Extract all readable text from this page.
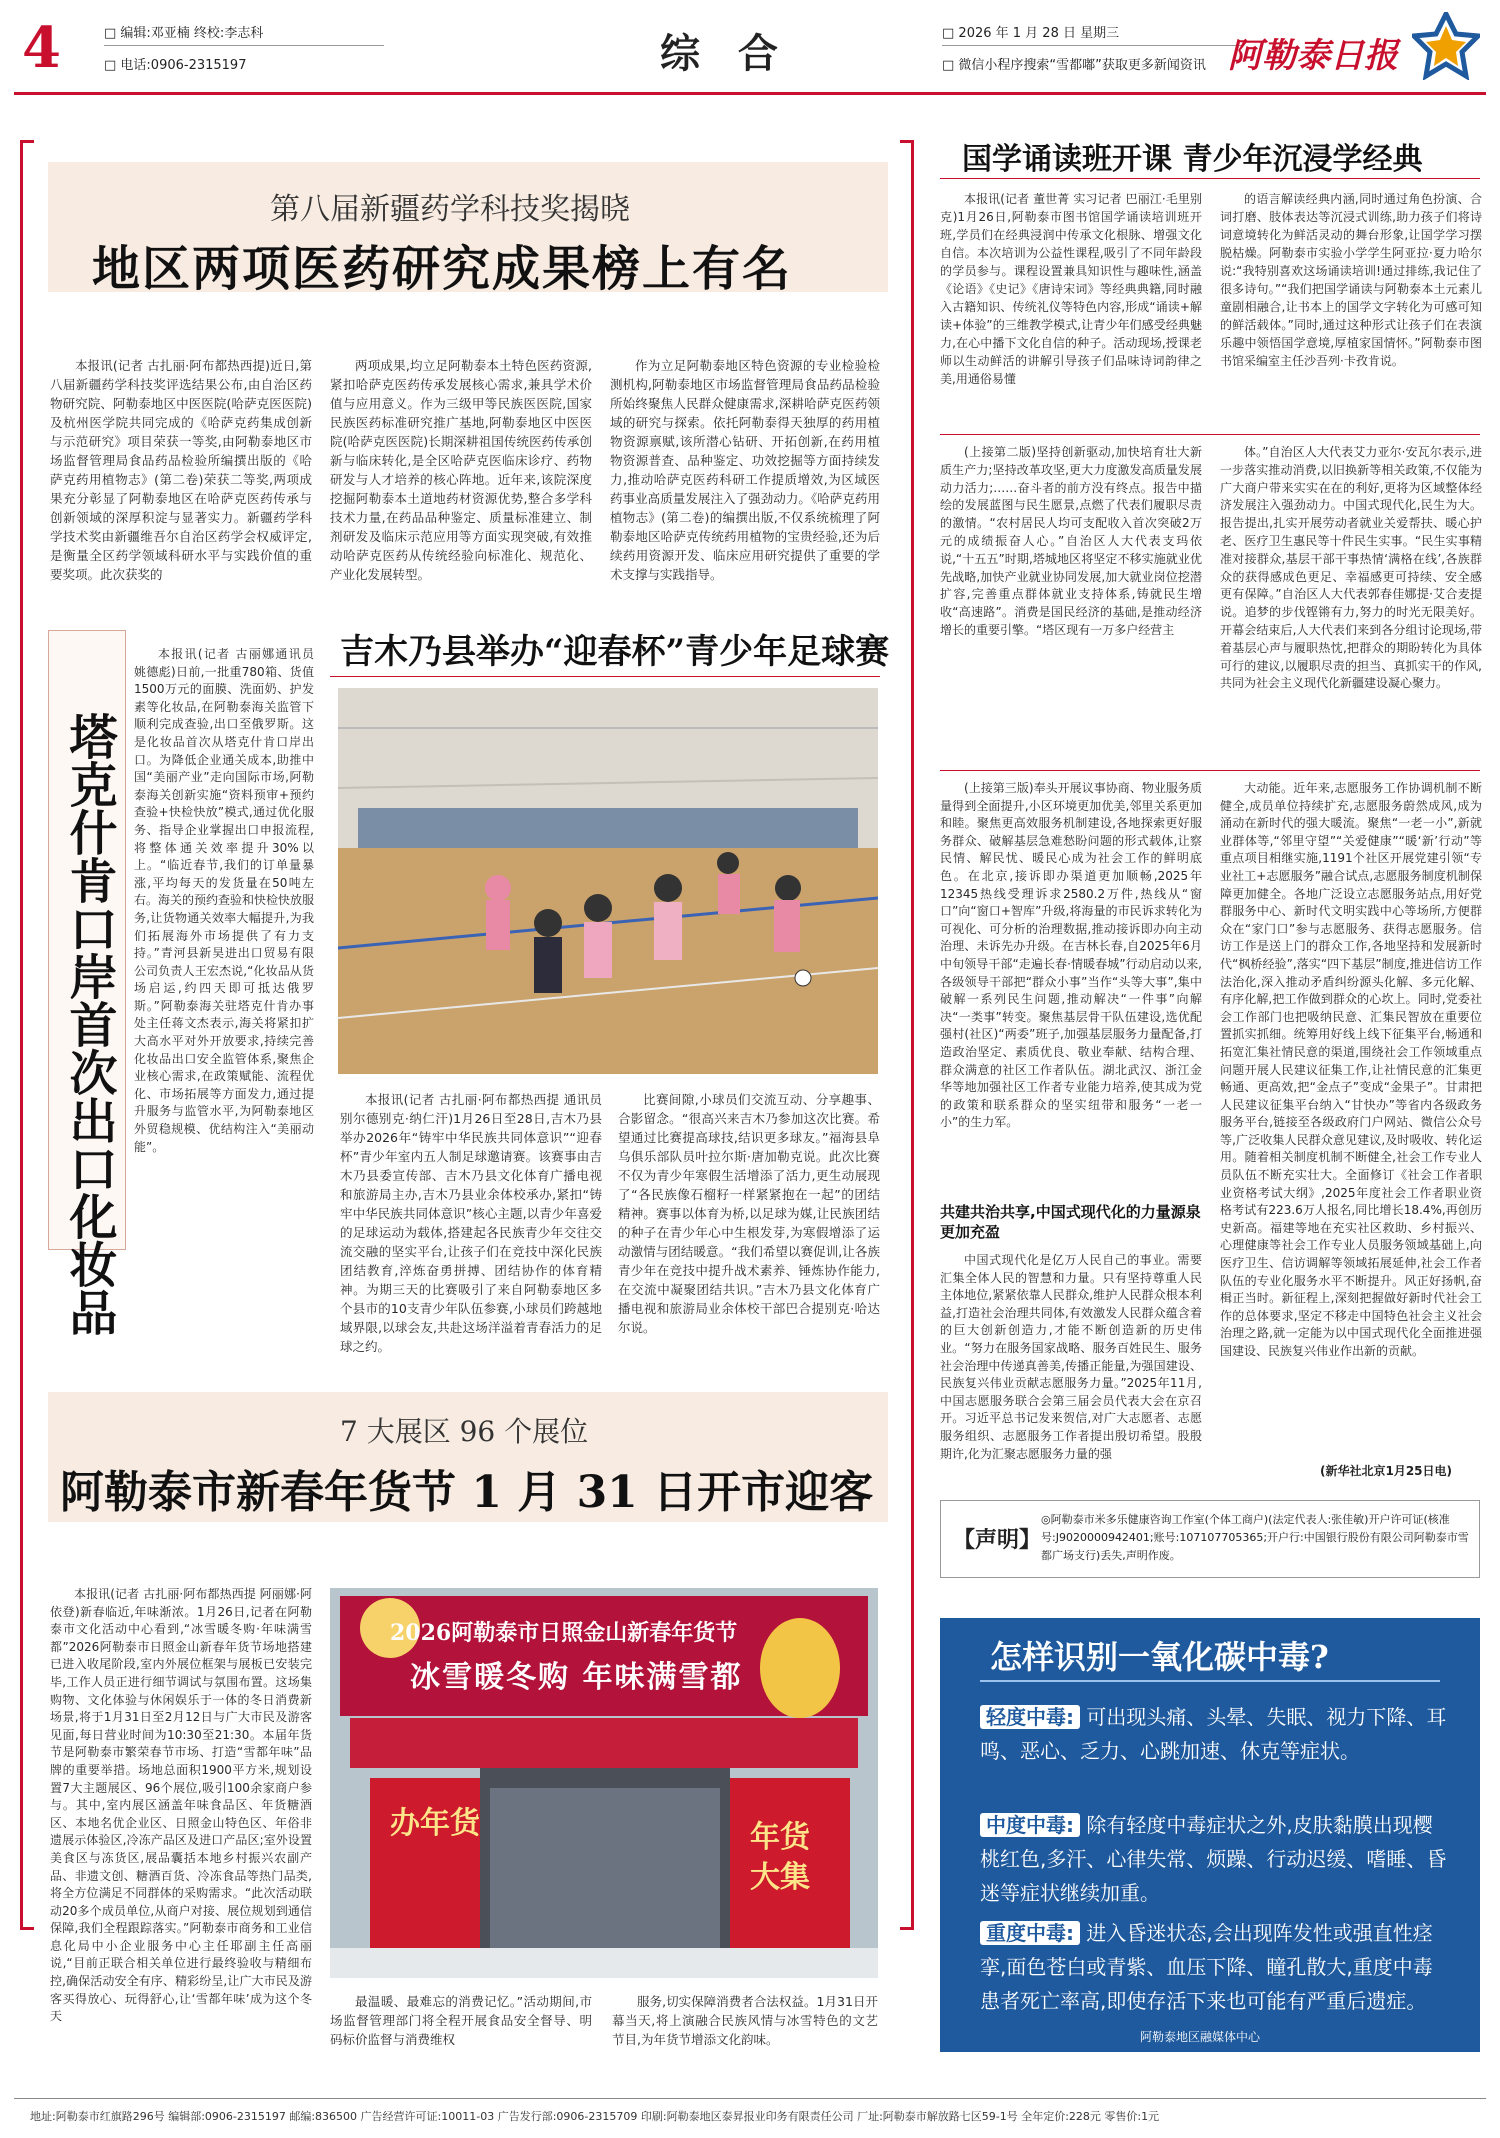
4	□ 编辑:邓亚楠 终校:李志科
□ 电话:0906-2315197	综 合	□ 2026 年 1 月 28 日 星期三
□ 微信小程序搜索“雪都嘟”获取更多新闻资讯 阿勒泰日报
第八届新疆药学科技奖揭晓
地区两项医药研究成果榜上有名

本报讯(记者 古扎丽·阿布都热西提)近日,第八届新疆药学科技奖评选结果公布,由自治区药物研究院、阿勒泰地区中医医院(哈萨克医医院)及杭州医学院共同完成的《哈萨克药集成创新与示范研究》项目荣获一等奖,由阿勒泰地区市场监督管理局食品药品检验所编撰出版的《哈萨克药用植物志》(第二卷)荣获二等奖,两项成果充分彰显了阿勒泰地区在哈萨克医药传承与创新领域的深厚积淀与显著实力。新疆药学科学技术奖由新疆维吾尔自治区药学会权威评定,是衡量全区药学领域科研水平与实践价值的重要奖项。此次获奖的

两项成果,均立足阿勒泰本土特色医药资源,紧扣哈萨克医药传承发展核心需求,兼具学术价值与应用意义。作为三级甲等民族医医院,国家民族医药标准研究推广基地,阿勒泰地区中医医院(哈萨克医医院)长期深耕祖国传统医药传承创新与临床转化,是全区哈萨克医临床诊疗、药物研发与人才培养的核心阵地。近年来,该院深度挖掘阿勒泰本土道地药材资源优势,整合多学科技术力量,在药品品种鉴定、质量标准建立、制剂研发及临床示范应用等方面实现突破,有效推动哈萨克医药从传统经验向标准化、规范化、产业化发展转型。

作为立足阿勒泰地区特色资源的专业检验检测机构,阿勒泰地区市场监督管理局食品药品检验所始终聚焦人民群众健康需求,深耕哈萨克医药领域的研究与探索。依托阿勒泰得天独厚的药用植物资源禀赋,该所潜心钻研、开拓创新,在药用植物资源普查、品种鉴定、功效挖掘等方面持续发力,推动哈萨克医药科研工作提质增效,为区域医药事业高质量发展注入了强劲动力。《哈萨克药用植物志》(第二卷)的编撰出版,不仅系统梳理了阿勒泰地区哈萨克传统药用植物的宝贵经验,还为后续药用资源开发、临床应用研究提供了重要的学术支撑与实践指导。

塔克什肯口岸首次出口化妆品

本报讯(记者 古丽娜通讯员 姚德彪)日前,一批重780箱、货值1500万元的面膜、洗面奶、护发素等化妆品,在阿勒泰海关监管下顺利完成查验,出口至俄罗斯。这是化妆品首次从塔克什肯口岸出口。为降低企业通关成本,助推中国“美丽产业”走向国际市场,阿勒泰海关创新实施“资料预审+预约查验+快检快放”模式,通过优化服务、指导企业掌握出口申报流程,将整体通关效率提升30%以上。“临近春节,我们的订单量暴涨,平均每天的发货量在50吨左右。海关的预约查验和快检快放服务,让货物通关效率大幅提升,为我们拓展海外市场提供了有力支持。”青河县新昊进出口贸易有限公司负责人王宏杰说,“化妆品从货场启运,约四天即可抵达俄罗斯。”阿勒泰海关驻塔克什肯办事处主任蒋文杰表示,海关将紧扣扩大高水平对外开放要求,持续完善化妆品出口安全监管体系,聚焦企业核心需求,在政策赋能、流程优化、市场拓展等方面发力,通过提升服务与监管水平,为阿勒泰地区外贸稳规模、优结构注入“美丽动能”。

吉木乃县举办“迎春杯”青少年足球赛

本报讯(记者 古扎丽·阿布都热西提 通讯员 别尔德别克·纳仁汗)1月26日至28日,吉木乃县举办2026年“铸牢中华民族共同体意识”“迎春杯”青少年室内五人制足球邀请赛。该赛事由吉木乃县委宣传部、吉木乃县文化体育广播电视和旅游局主办,吉木乃县业余体校承办,紧扣“铸牢中华民族共同体意识”核心主题,以青少年喜爱的足球运动为载体,搭建起各民族青少年交往交流交融的坚实平台,让孩子们在竞技中深化民族团结教育,淬炼奋勇拼搏、团结协作的体育精神。为期三天的比赛吸引了来自阿勒泰地区多个县市的10支青少年队伍参赛,小球员们跨越地域界限,以球会友,共赴这场洋溢着青春活力的足球之约。

比赛间隙,小球员们交流互动、分享趣事、合影留念。“很高兴来吉木乃参加这次比赛。希望通过比赛提高球技,结识更多球友。”福海县阜乌俱乐部队员叶拉尔斯·唐加勒克说。此次比赛不仅为青少年寒假生活增添了活力,更生动展现了“各民族像石榴籽一样紧紧抱在一起”的团结精神。赛事以体育为桥,以足球为媒,让民族团结的种子在青少年心中生根发芽,为寒假增添了运动激情与团结暖意。“我们希望以赛促训,让各族青少年在竞技中提升战术素养、锤炼协作能力,在交流中凝聚团结共识。”吉木乃县文化体育广播电视和旅游局业余体校干部巴合提别克·哈达尔说。

7 大展区 96 个展位
阿勒泰市新春年货节 1 月 31 日开市迎客

本报讯(记者 古扎丽·阿布都热西提 阿丽娜·阿依登)新春临近,年味渐浓。1月26日,记者在阿勒泰市文化活动中心看到,“冰雪暖冬购·年味满雪都”2026阿勒泰市日照金山新春年货节场地搭建已进入收尾阶段,室内外展位框架与展板已安装完毕,工作人员正进行细节调试与氛围布置。这场集购物、文化体验与休闲娱乐于一体的冬日消费新场景,将于1月31日至2月12日与广大市民及游客见面,每日营业时间为10:30至21:30。本届年货节是阿勒泰市繁荣春节市场、打造“雪都年味”品牌的重要举措。场地总面积1900平方米,规划设置7大主题展区、96个展位,吸引100余家商户参与。其中,室内展区涵盖年味食品区、年货糖酒区、本地名优企业区、日照金山特色区、年俗非遗展示体验区,冷冻产品区及进口产品区;室外设置美食区与冻货区,展品囊括本地乡村振兴农副产品、非遗文创、糖酒百货、冷冻食品等热门品类,将全方位满足不同群体的采购需求。“此次活动联动20多个成员单位,从商户对接、展位规划到通信保障,我们全程跟踪落实。”阿勒泰市商务和工业信息化局中小企业服务中心主任耶副主任高丽说,“目前正联合相关单位进行最终验收与精细布控,确保活动安全有序、精彩纷呈,让广大市民及游客买得放心、玩得舒心,让‘雪都年味’成为这个冬天

2026阿勒泰市日照金山新春年货节
冰雪暖冬购 年味满雪都
办年货	年货大集

最温暖、最难忘的消费记忆。”活动期间,市场监督管理部门将全程开展食品安全督导、明码标价监督与消费维权

服务,切实保障消费者合法权益。1月31日开幕当天,将上演融合民族风情与冰雪特色的文艺节目,为年货节增添文化韵味。

国学诵读班开课 青少年沉浸学经典

本报讯(记者 董世菁 实习记者 巴丽江·毛里别克)1月26日,阿勒泰市图书馆国学诵读培训班开班,学员们在经典浸润中传承文化根脉、增强文化自信。本次培训为公益性课程,吸引了不同年龄段的学员参与。课程设置兼具知识性与趣味性,涵盖《论语》《史记》《唐诗宋词》等经典典籍,同时融入古籍知识、传统礼仪等特色内容,形成“诵读+解读+体验”的三维教学模式,让青少年们感受经典魅力,在心中播下文化自信的种子。活动现场,授课老师以生动鲜活的讲解引导孩子们品味诗词韵律之美,用通俗易懂

的语言解读经典内涵,同时通过角色扮演、合词打磨、肢体表达等沉浸式训练,助力孩子们将诗词意境转化为鲜活灵动的舞台形象,让国学学习摆脱枯燥。阿勒泰市实验小学学生阿亚拉·夏力哈尔说:“我特别喜欢这场诵读培训!通过排练,我记住了很多诗句。”“我们把国学诵读与阿勒泰本土元素儿童剧相融合,让书本上的国学文字转化为可感可知的鲜活载体。”同时,通过这种形式让孩子们在表演乐趣中领悟国学意境,厚植家国情怀。”阿勒泰市图书馆采编室主任沙吾列·卡孜肯说。

(上接第二版)坚持创新驱动,加快培育壮大新质生产力;坚持改革攻坚,更大力度激发高质量发展动力活力;……奋斗者的前方没有终点。报告中描绘的发展蓝图与民生愿景,点燃了代表们履职尽责的激情。“农村居民人均可支配收入首次突破2万元的成绩振奋人心。”自治区人大代表支玛依说,“十五五”时期,塔城地区将坚定不移实施就业优先战略,加快产业就业协同发展,加大就业岗位挖潜扩容,完善重点群体就业支持体系,铸就民生增收“高速路”。消费是国民经济的基础,是推动经济增长的重要引擎。“塔区现有一万多户经营主

体。”自治区人大代表艾力亚尔·安瓦尔表示,进一步落实推动消费,以旧换新等相关政策,不仅能为广大商户带来实实在在的利好,更将为区域整体经济发展注入强劲动力。中国式现代化,民生为大。报告提出,扎实开展劳动者就业关爱帮扶、暖心护老、医疗卫生惠民等十件民生实事。“民生实事精准对接群众,基层干部干事热情‘满格在线’,各族群众的获得感成色更足、幸福感更可持续、安全感更有保障。”自治区人大代表郭春佳娜提·艾合麦提说。追梦的步伐铿锵有力,努力的时光无限美好。开幕会结束后,人大代表们来到各分组讨论现场,带着基层心声与履职热忱,把群众的期盼转化为具体可行的建议,以履职尽责的担当、真抓实干的作风,共同为社会主义现代化新疆建设凝心聚力。

(上接第三版)奉头开展议事协商、物业服务质量得到全面提升,小区环境更加优美,邻里关系更加和睦。聚焦更高效服务机制建设,各地探索更好服务群众、破解基层急难愁盼问题的形式载体,让察民情、解民忧、暖民心成为社会工作的鲜明底色。在北京,接诉即办渠道更加顺畅,2025年12345热线受理诉求2580.2万件,热线从“窗口”向“窗口+智库”升级,将海量的市民诉求转化为可视化、可分析的治理数据,推动接诉即办向主动治理、未诉先办升级。在吉林长春,自2025年6月中旬领导干部“走遍长春·情暖春城”行动启动以来,各级领导干部把“群众小事”当作“头等大事”,集中破解一系列民生问题,推动解决“一件事”向解决“一类事”转变。聚焦基层骨干队伍建设,选优配强村(社区)“两委”班子,加强基层服务力量配备,打造政治坚定、素质优良、敬业奉献、结构合理、群众满意的社区工作者队伍。湖北武汉、浙江金华等地加强社区工作者专业能力培养,使其成为党的政策和联系群众的坚实纽带和服务“一老一小”的生力军。

共建共治共享,中国式现代化的力量源泉更加充盈

中国式现代化是亿万人民自己的事业。需要汇集全体人民的智慧和力量。只有坚持尊重人民主体地位,紧紧依靠人民群众,维护人民群众根本利益,打造社会治理共同体,有效激发人民群众蕴含着的巨大创新创造力,才能不断创造新的历史伟业。“努力在服务国家战略、服务百姓民生、服务社会治理中传递真善美,传播正能量,为强国建设、民族复兴伟业贡献志愿服务力量。”2025年11月,中国志愿服务联合会第三届会员代表大会在京召开。习近平总书记发来贺信,对广大志愿者、志愿服务组织、志愿服务工作者提出殷切希望。股殷期许,化为汇聚志愿服务力量的强

大动能。近年来,志愿服务工作协调机制不断健全,成员单位持续扩充,志愿服务蔚然成风,成为涌动在新时代的强大暖流。聚焦“一老一小”,新就业群体等,“邻里守望”“关爱健康”“暖‘新’行动”等重点项目相继实施,1191个社区开展党建引领“专业社工+志愿服务”融合试点,志愿服务制度机制保障更加健全。各地广泛设立志愿服务站点,用好党群服务中心、新时代文明实践中心等场所,方便群众在“家门口”参与志愿服务、获得志愿服务。信访工作是送上门的群众工作,各地坚持和发展新时代“枫桥经验”,落实“四下基层”制度,推进信访工作法治化,深入推动矛盾纠纷源头化解、多元化解、有序化解,把工作做到群众的心坎上。同时,党委社会工作部门也把吸纳民意、汇集民智放在重要位置抓实抓细。统筹用好线上线下征集平台,畅通和拓宽汇集社情民意的渠道,围绕社会工作领域重点问题开展人民建议征集工作,让社情民意的汇集更畅通、更高效,把“金点子”变成“金果子”。甘肃把人民建议征集平台纳入“甘快办”等省内各级政务服务平台,链接至各级政府门户网站、微信公众号等,广泛收集人民群众意见建议,及时吸收、转化运用。随着相关制度机制不断健全,社会工作专业人员队伍不断充实壮大。全面修订《社会工作者职业资格考试大纲》,2025年度社会工作者职业资格考试有223.6万人报名,同比增长18.4%,再创历史新高。福建等地在充实社区救助、乡村振兴、心理健康等社会工作专业人员服务领域基础上,向医疗卫生、信访调解等领域拓展延伸,社会工作者队伍的专业化服务水平不断提升。风正好扬帆,奋楫正当时。新征程上,深刻把握做好新时代社会工作的总体要求,坚定不移走中国特色社会主义社会治理之路,就一定能为以中国式现代化全面推进强国建设、民族复兴伟业作出新的贡献。

(新华社北京1月25日电)
【声明】
◎阿勒泰市米多乐健康咨询工作室(个体工商户)(法定代表人:张佳敏)开户许可证(核准号:J9020000942401;账号:107107705365;开户行:中国银行股份有限公司阿勒泰市雪都广场支行)丢失,声明作废。
怎样识别一氧化碳中毒?
轻度中毒: 可出现头痛、头晕、失眠、视力下降、耳鸣、恶心、乏力、心跳加速、休克等症状。
中度中毒: 除有轻度中毒症状之外,皮肤黏膜出现樱桃红色,多汗、心律失常、烦躁、行动迟缓、嗜睡、昏迷等症状继续加重。
重度中毒: 进入昏迷状态,会出现阵发性或强直性痉挛,面色苍白或青紫、血压下降、瞳孔散大,重度中毒患者死亡率高,即使存活下来也可能有严重后遗症。
阿勒泰地区融媒体中心
地址:阿勒泰市红旗路296号 编辑部:0906-2315197 邮编:836500 广告经营许可证:10011-03 广告发行部:0906-2315709 印刷:阿勒泰地区泰昇报业印务有限责任公司 厂址:阿勒泰市解放路七区59-1号 全年定价:228元 零售价:1元
